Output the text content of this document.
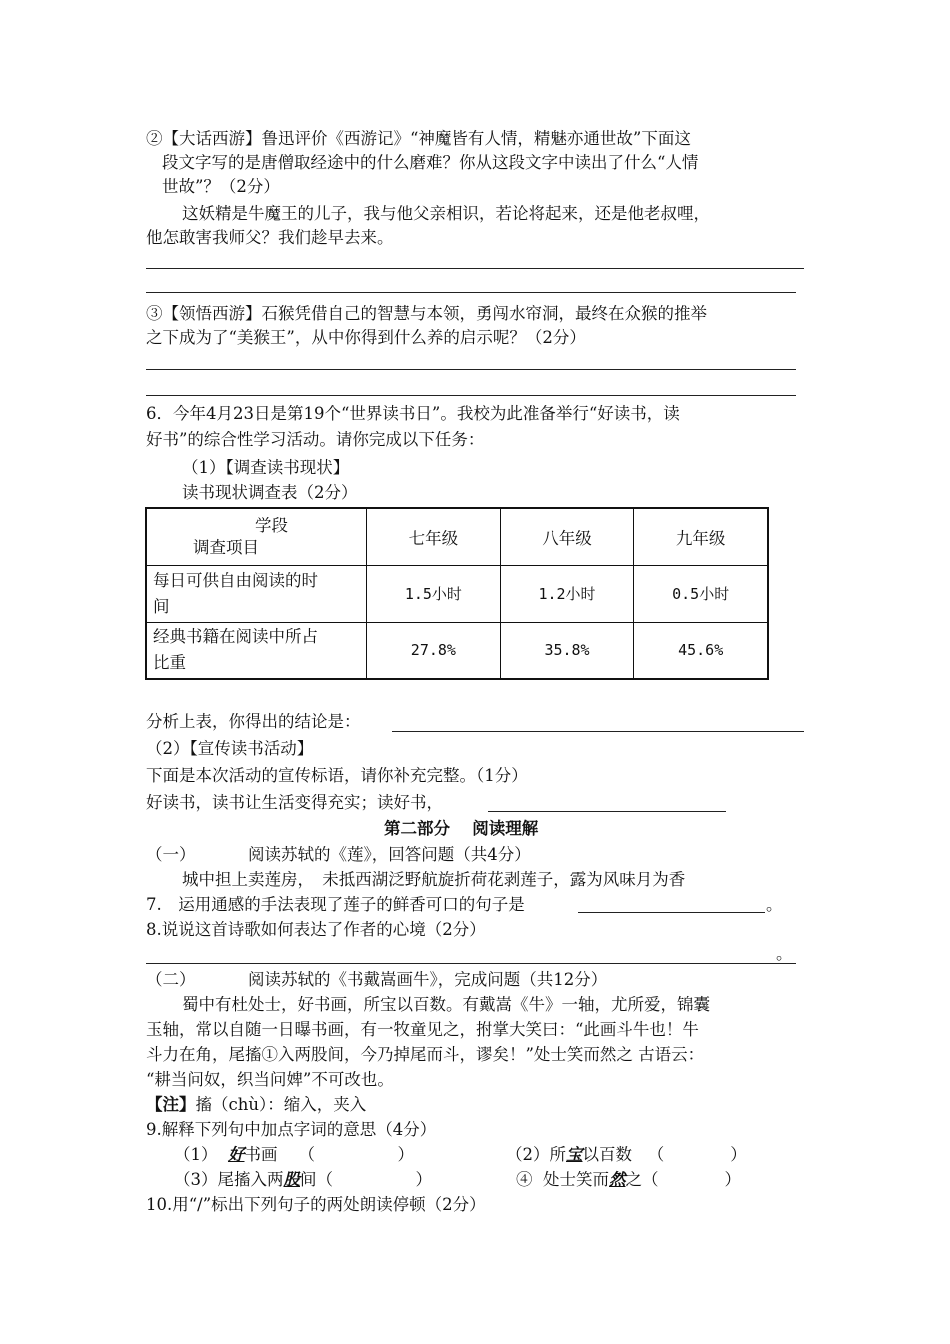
②【大话西游】鲁迅评价《西游记》“神魔皆有人情，精魅亦通世故”下面这
段文字写的是唐僧取经途中的什么磨难？你从这段文字中读出了什么“人情
世故”？（2分）
这妖精是牛魔王的儿子，我与他父亲相识，若论将起来，还是他老叔哩，
他怎敢害我师父？我们趁早去来。
③【领悟西游】石猴凭借自己的智慧与本领，勇闯水帘洞，最终在众猴的推举
之下成为了“美猴王”，从中你得到什么养的启示呢？（2分）
6．今年4月23日是第19个“世界读书日”。我校为此准备举行“好读书，读
好书”的综合性学习活动。请你完成以下任务：
（1）【调查读书现状】
读书现状调查表（2分）
学段
调查项目	七年级	八年级	九年级
每日可供自由阅读的时
间	1.5小时	1.2小时	0.5小时
经典书籍在阅读中所占
比重	27.8%	35.8%	45.6%
分析上表，你得出的结论是：
（2）【宣传读书活动】
下面是本次活动的宣传标语，请你补充完整。（1分）
好读书，读书让生活变得充实；读好书，
第二部分　 阅读理解
（一）	阅读苏轼的《莲》，回答问题（共4分）
城中担上卖莲房，　未抵西湖泛野航旋折荷花剥莲子，露为风味月为香
7.　运用通感的手法表现了莲子的鲜香可口的句子是	。
8.说说这首诗歌如何表达了作者的心境（2分）
。
（二）	阅读苏轼的《书戴嵩画牛》，完成问题（共12分）
蜀中有杜处士，好书画，所宝以百数。有戴嵩《牛》一轴，尤所爱，锦囊
玉轴，常以自随一日曝书画，有一牧童见之，拊掌大笑曰：“此画斗牛也！牛
斗力在角，尾搐①入两股间，今乃掉尾而斗，谬矣！”处士笑而然之 古语云：
“耕当问奴，织当问婢”不可改也。
【注】搐（chù）：缩入，夹入
9.解释下列句中加点字词的意思（4分）
（1） 好书画 （　　　　　）	（2）所宝以百数 （　　　　）
（3）尾搐入两股间（　　　　　）	④ 处士笑而然之（　　　　）
10.用“/”标出下列句子的两处朗读停顿（2分）
